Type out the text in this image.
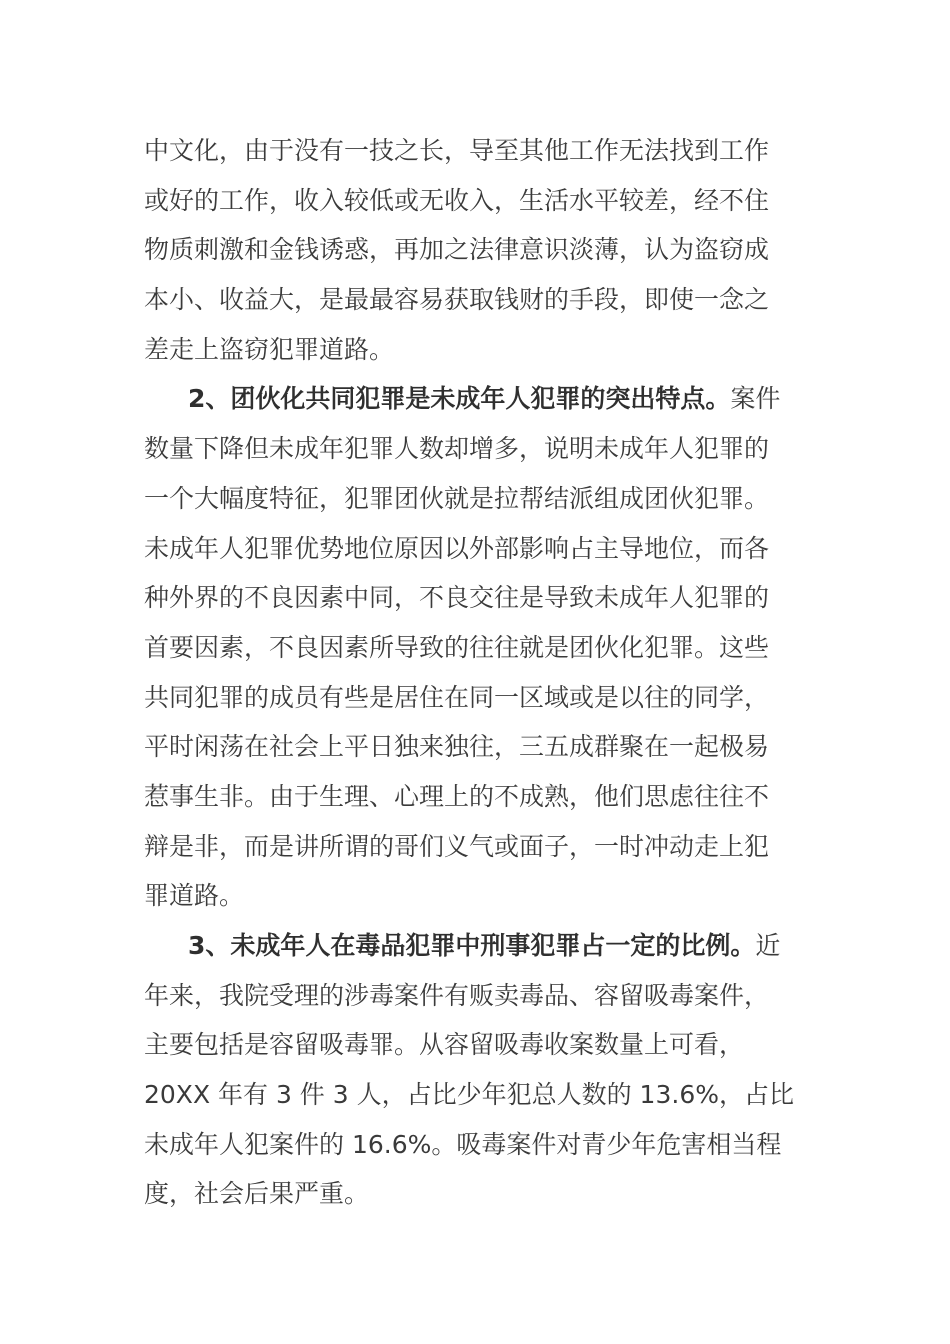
中文化，由于没有一技之长，导至其他工作无法找到工作
或好的工作，收入较低或无收入，生活水平较差，经不住
物质刺激和金钱诱惑，再加之法律意识淡薄，认为盗窃成
本小、收益大，是最最容易获取钱财的手段，即使一念之
差走上盗窃犯罪道路。
2、团伙化共同犯罪是未成年人犯罪的突出特点。案件
数量下降但未成年犯罪人数却增多，说明未成年人犯罪的
一个大幅度特征，犯罪团伙就是拉帮结派组成团伙犯罪。
未成年人犯罪优势地位原因以外部影响占主导地位，而各
种外界的不良因素中同，不良交往是导致未成年人犯罪的
首要因素，不良因素所导致的往往就是团伙化犯罪。这些
共同犯罪的成员有些是居住在同一区域或是以往的同学，
平时闲荡在社会上平日独来独往，三五成群聚在一起极易
惹事生非。由于生理、心理上的不成熟，他们思虑往往不
辩是非，而是讲所谓的哥们义气或面子，一时冲动走上犯
罪道路。
3、未成年人在毒品犯罪中刑事犯罪占一定的比例。近
年来，我院受理的涉毒案件有贩卖毒品、容留吸毒案件，
主要包括是容留吸毒罪。从容留吸毒收案数量上可看，
20XX 年有 3 件 3 人，占比少年犯总人数的 13.6%，占比
未成年人犯案件的 16.6%。吸毒案件对青少年危害相当程
度，社会后果严重。
